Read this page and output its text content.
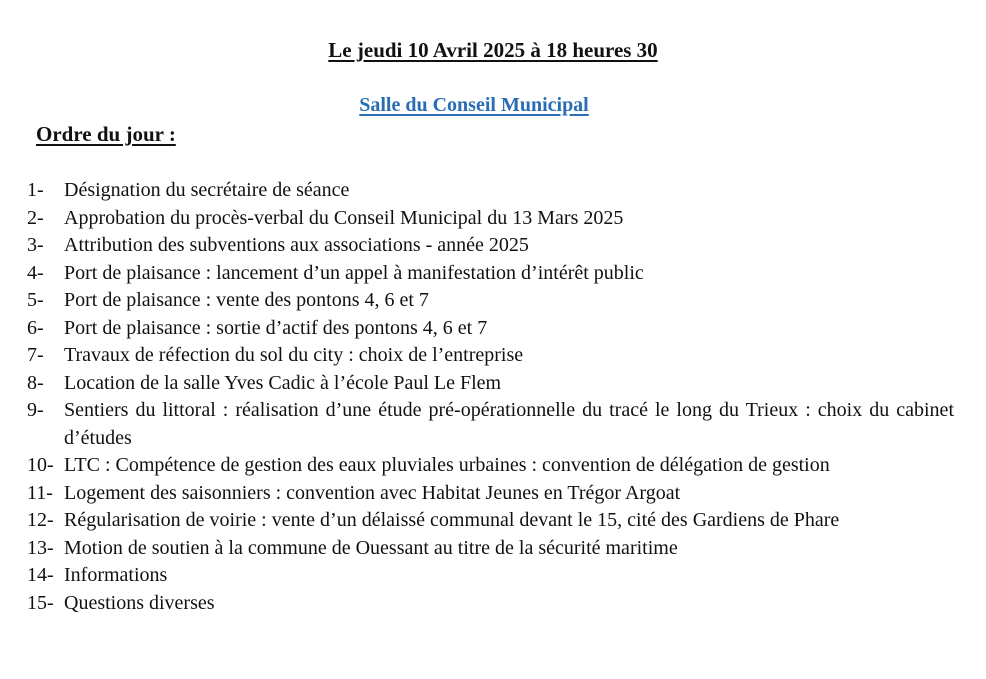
Le jeudi 10 Avril 2025 à 18 heures 30
Salle du Conseil Municipal
Ordre du jour :
1-	Désignation du secrétaire de séance
2-	Approbation du procès-verbal du Conseil Municipal du 13 Mars 2025
3-	Attribution des subventions aux associations - année 2025
4-	Port de plaisance : lancement d’un appel à manifestation d’intérêt public
5-	Port de plaisance : vente des pontons 4, 6 et 7
6-	Port de plaisance : sortie d’actif des pontons 4, 6 et 7
7-	Travaux de réfection du sol du city : choix de l’entreprise
8-	Location de la salle Yves Cadic à l’école Paul Le Flem
9-	Sentiers du littoral : réalisation d’une étude pré-opérationnelle du tracé le long du Trieux : choix du cabinet d’études
10- LTC : Compétence de gestion des eaux pluviales urbaines : convention de délégation de gestion
11- Logement des saisonniers : convention avec Habitat Jeunes en Trégor Argoat
12- Régularisation de voirie : vente d’un délaissé communal devant le 15, cité des Gardiens de Phare
13- Motion de soutien à la commune de Ouessant au titre de la sécurité maritime
14- Informations
15- Questions diverses
